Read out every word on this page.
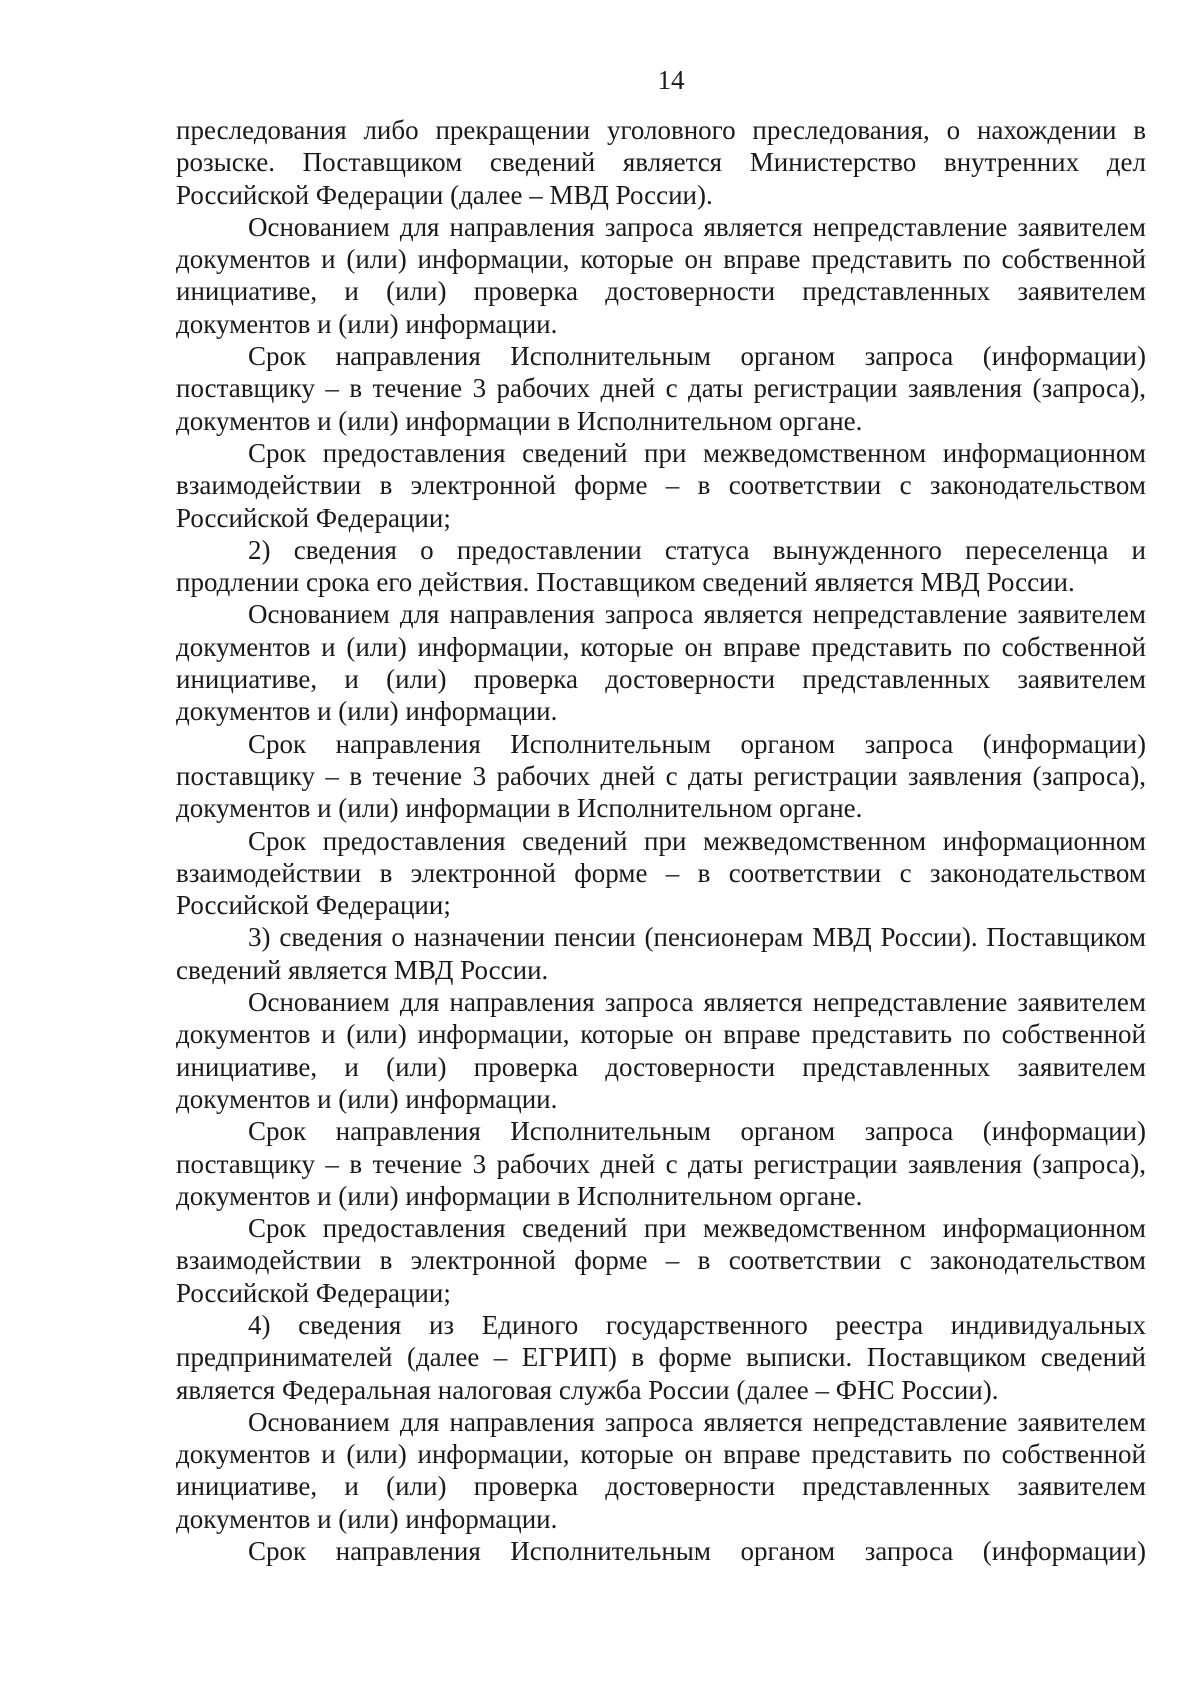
14

преследования либо прекращении уголовного преследования, о нахождении в розыске. Поставщиком сведений является Министерство внутренних дел Российской Федерации (далее – МВД России).

Основанием для направления запроса является непредставление заявителем документов и (или) информации, которые он вправе представить по собственной инициативе, и (или) проверка достоверности представленных заявителем документов и (или) информации.

Срок направления Исполнительным органом запроса (информации) поставщику – в течение 3 рабочих дней с даты регистрации заявления (запроса), документов и (или) информации в Исполнительном органе.

Срок предоставления сведений при межведомственном информационном взаимодействии в электронной форме – в соответствии с законодательством Российской Федерации;

2) сведения о предоставлении статуса вынужденного переселенца и продлении срока его действия. Поставщиком сведений является МВД России.

Основанием для направления запроса является непредставление заявителем документов и (или) информации, которые он вправе представить по собственной инициативе, и (или) проверка достоверности представленных заявителем документов и (или) информации.

Срок направления Исполнительным органом запроса (информации) поставщику – в течение 3 рабочих дней с даты регистрации заявления (запроса), документов и (или) информации в Исполнительном органе.

Срок предоставления сведений при межведомственном информационном взаимодействии в электронной форме – в соответствии с законодательством Российской Федерации;

3) сведения о назначении пенсии (пенсионерам МВД России). Поставщиком сведений является МВД России.

Основанием для направления запроса является непредставление заявителем документов и (или) информации, которые он вправе представить по собственной инициативе, и (или) проверка достоверности представленных заявителем документов и (или) информации.

Срок направления Исполнительным органом запроса (информации) поставщику – в течение 3 рабочих дней с даты регистрации заявления (запроса), документов и (или) информации в Исполнительном органе.

Срок предоставления сведений при межведомственном информационном взаимодействии в электронной форме – в соответствии с законодательством Российской Федерации;

4) сведения из Единого государственного реестра индивидуальных предпринимателей (далее – ЕГРИП) в форме выписки. Поставщиком сведений является Федеральная налоговая служба России (далее – ФНС России).

Основанием для направления запроса является непредставление заявителем документов и (или) информации, которые он вправе представить по собственной инициативе, и (или) проверка достоверности представленных заявителем документов и (или) информации.

Срок направления Исполнительным органом запроса (информации)
